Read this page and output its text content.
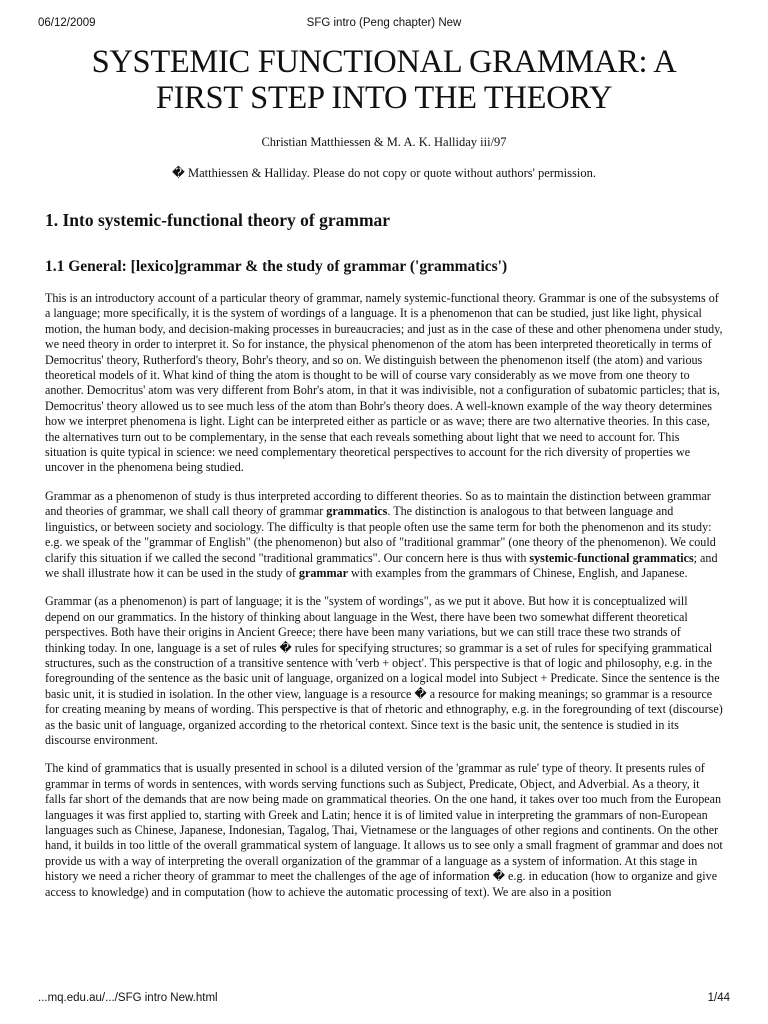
06/12/2009	SFG intro (Peng chapter) New
SYSTEMIC FUNCTIONAL GRAMMAR: A
FIRST STEP INTO THE THEORY
Christian Matthiessen & M. A. K. Halliday iii/97
� Matthiessen & Halliday. Please do not copy or quote without authors' permission.
1. Into systemic-functional theory of grammar
1.1 General: [lexico]grammar & the study of grammar ('grammatics')

This is an introductory account of a particular theory of grammar, namely systemic-functional theory. Grammar is one of the subsystems of a language; more specifically, it is the system of wordings of a language. It is a phenomenon that can be studied, just like light, physical motion, the human body, and decision-making processes in bureaucracies; and just as in the case of these and other phenomena under study, we need theory in order to interpret it. So for instance, the physical phenomenon of the atom has been interpreted theoretically in terms of Democritus' theory, Rutherford's theory, Bohr's theory, and so on. We distinguish between the phenomenon itself (the atom) and various theoretical models of it. What kind of thing the atom is thought to be will of course vary considerably as we move from one theory to another. Democritus' atom was very different from Bohr's atom, in that it was indivisible, not a configuration of subatomic particles; that is, Democritus' theory allowed us to see much less of the atom than Bohr's theory does. A well-known example of the way theory determines how we interpret phenomena is light. Light can be interpreted either as particle or as wave; there are two alternative theories. In this case, the alternatives turn out to be complementary, in the sense that each reveals something about light that we need to account for. This situation is quite typical in science: we need complementary theoretical perspectives to account for the rich diversity of properties we uncover in the phenomena being studied.

Grammar as a phenomenon of study is thus interpreted according to different theories. So as to maintain the distinction between grammar and theories of grammar, we shall call theory of grammar grammatics. The distinction is analogous to that between language and linguistics, or between society and sociology. The difficulty is that people often use the same term for both the phenomenon and its study: e.g. we speak of the "grammar of English" (the phenomenon) but also of "traditional grammar" (one theory of the phenomenon). We could clarify this situation if we called the second "traditional grammatics". Our concern here is thus with systemic-functional grammatics; and we shall illustrate how it can be used in the study of grammar with examples from the grammars of Chinese, English, and Japanese.

Grammar (as a phenomenon) is part of language; it is the "system of wordings", as we put it above. But how it is conceptualized will depend on our grammatics. In the history of thinking about language in the West, there have been two somewhat different theoretical perspectives. Both have their origins in Ancient Greece; there have been many variations, but we can still trace these two strands of thinking today. In one, language is a set of rules � rules for specifying structures; so grammar is a set of rules for specifying grammatical structures, such as the construction of a transitive sentence with 'verb + object'. This perspective is that of logic and philosophy, e.g. in the foregrounding of the sentence as the basic unit of language, organized on a logical model into Subject + Predicate. Since the sentence is the basic unit, it is studied in isolation. In the other view, language is a resource � a resource for making meanings; so grammar is a resource for creating meaning by means of wording. This perspective is that of rhetoric and ethnography, e.g. in the foregrounding of text (discourse) as the basic unit of language, organized according to the rhetorical context. Since text is the basic unit, the sentence is studied in its discourse environment.

The kind of grammatics that is usually presented in school is a diluted version of the 'grammar as rule' type of theory. It presents rules of grammar in terms of words in sentences, with words serving functions such as Subject, Predicate, Object, and Adverbial. As a theory, it falls far short of the demands that are now being made on grammatical theories. On the one hand, it takes over too much from the European languages it was first applied to, starting with Greek and Latin; hence it is of limited value in interpreting the grammars of non-European languages such as Chinese, Japanese, Indonesian, Tagalog, Thai, Vietnamese or the languages of other regions and continents. On the other hand, it builds in too little of the overall grammatical system of language. It allows us to see only a small fragment of grammar and does not provide us with a way of interpreting the overall organization of the grammar of a language as a system of information. At this stage in history we need a richer theory of grammar to meet the challenges of the age of information � e.g. in education (how to organize and give access to knowledge) and in computation (how to achieve the automatic processing of text). We are also in a position

...mq.edu.au/.../SFG intro New.html	1/44
